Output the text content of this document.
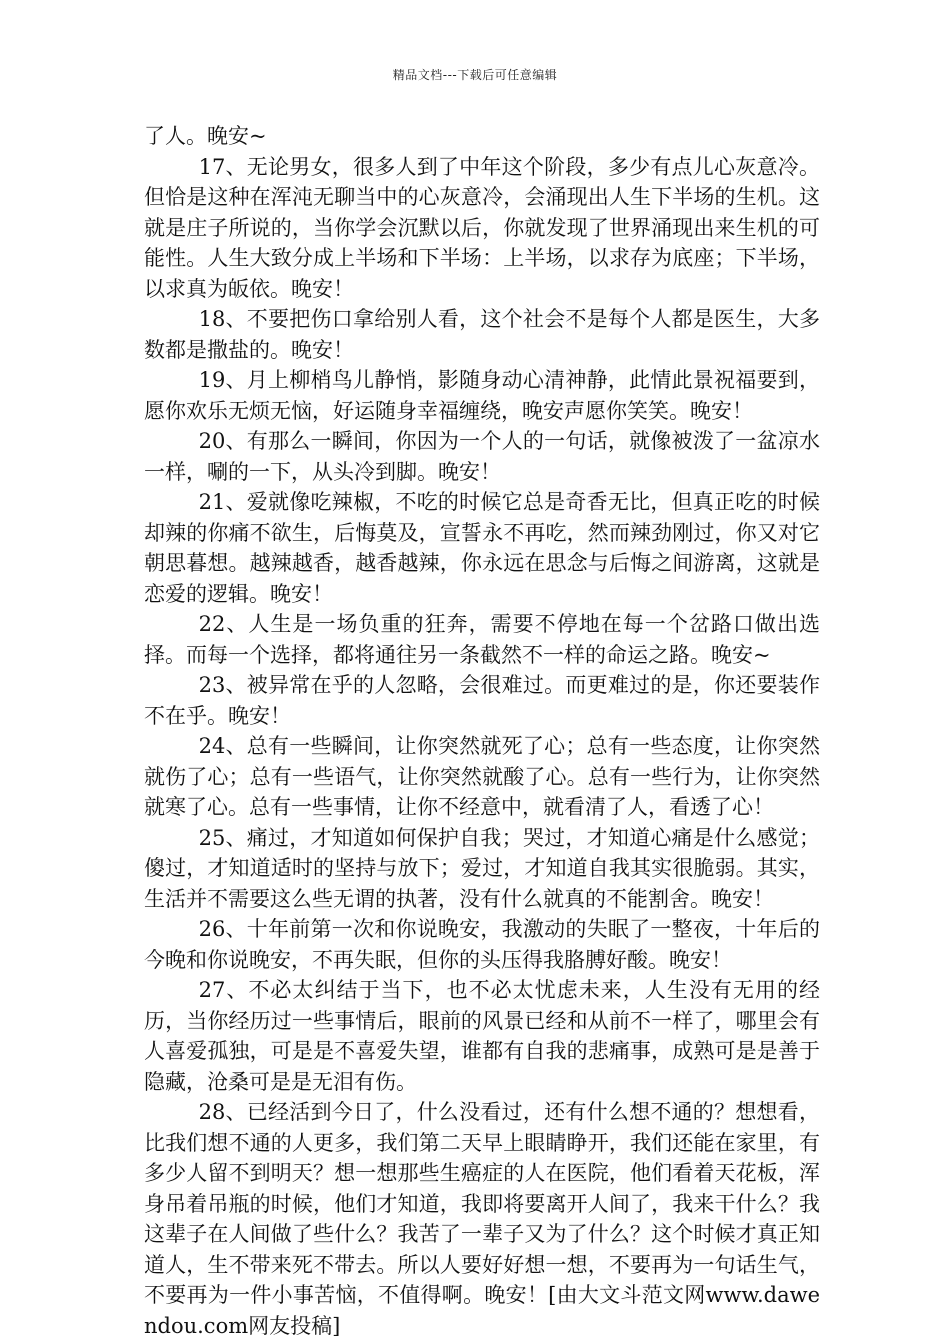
精品文档---下载后可任意编辑

了人。晚安~

17、无论男女，很多人到了中年这个阶段，多少有点儿心灰意冷。但恰是这种在浑沌无聊当中的心灰意冷，会涌现出人生下半场的生机。这就是庄子所说的，当你学会沉默以后，你就发现了世界涌现出来生机的可能性。人生大致分成上半场和下半场：上半场，以求存为底座；下半场，以求真为皈依。晚安！

18、不要把伤口拿给别人看，这个社会不是每个人都是医生，大多数都是撒盐的。晚安！

19、月上柳梢鸟儿静悄，影随身动心清神静，此情此景祝福要到，愿你欢乐无烦无恼，好运随身幸福缠绕，晚安声愿你笑笑。晚安！

20、有那么一瞬间，你因为一个人的一句话，就像被泼了一盆凉水一样，唰的一下，从头冷到脚。晚安！

21、爱就像吃辣椒，不吃的时候它总是奇香无比，但真正吃的时候却辣的你痛不欲生，后悔莫及，宣誓永不再吃，然而辣劲刚过，你又对它朝思暮想。越辣越香，越香越辣，你永远在思念与后悔之间游离，这就是恋爱的逻辑。晚安！

22、人生是一场负重的狂奔，需要不停地在每一个岔路口做出选择。而每一个选择，都将通往另一条截然不一样的命运之路。晚安~

23、被异常在乎的人忽略，会很难过。而更难过的是，你还要装作不在乎。晚安！

24、总有一些瞬间，让你突然就死了心；总有一些态度，让你突然就伤了心；总有一些语气，让你突然就酸了心。总有一些行为，让你突然就寒了心。总有一些事情，让你不经意中，就看清了人，看透了心！

25、痛过，才知道如何保护自我；哭过，才知道心痛是什么感觉；傻过，才知道适时的坚持与放下；爱过，才知道自我其实很脆弱。其实，生活并不需要这么些无谓的执著，没有什么就真的不能割舍。晚安！

26、十年前第一次和你说晚安，我激动的失眠了一整夜，十年后的今晚和你说晚安，不再失眠，但你的头压得我胳膊好酸。晚安！

27、不必太纠结于当下，也不必太忧虑未来，人生没有无用的经历，当你经历过一些事情后，眼前的风景已经和从前不一样了，哪里会有人喜爱孤独，可是是不喜爱失望，谁都有自我的悲痛事，成熟可是是善于隐藏，沧桑可是是无泪有伤。

28、已经活到今日了，什么没看过，还有什么想不通的？想想看，比我们想不通的人更多，我们第二天早上眼睛睁开，我们还能在家里，有多少人留不到明天？想一想那些生癌症的人在医院，他们看着天花板，浑身吊着吊瓶的时候，他们才知道，我即将要离开人间了，我来干什么？我这辈子在人间做了些什么？我苦了一辈子又为了什么？这个时候才真正知道人，生不带来死不带去。所以人要好好想一想，不要再为一句话生气，不要再为一件小事苦恼，不值得啊。晚安！[由大文斗范文网www.dawendou.com网友投稿]
